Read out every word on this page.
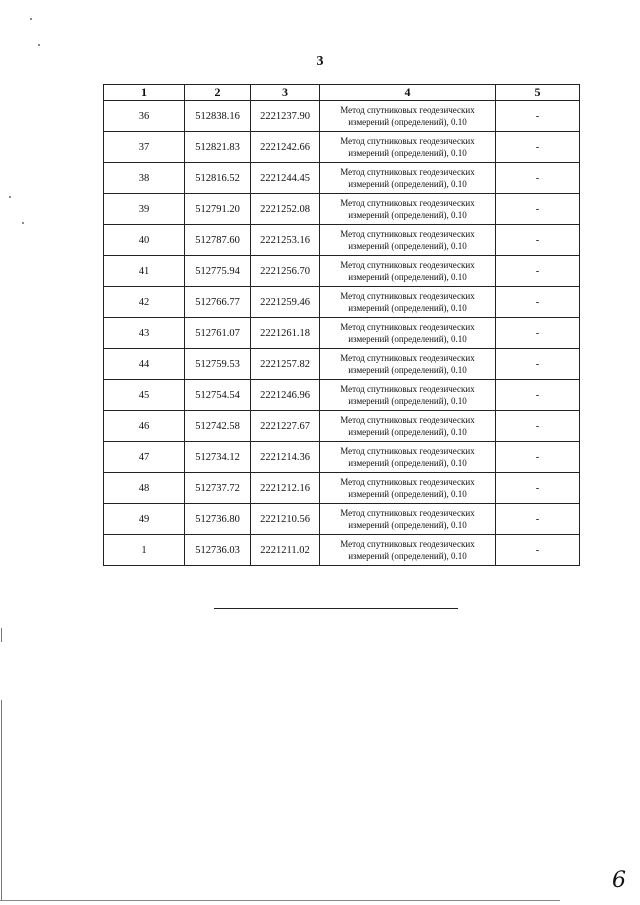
3
1	2	3	4	5
36	512838.16	2221237.90	Метод спутниковых геодезических
измерений (определений), 0.10	-
37	512821.83	2221242.66	Метод спутниковых геодезических
измерений (определений), 0.10	-
38	512816.52	2221244.45	Метод спутниковых геодезических
измерений (определений), 0.10	-
39	512791.20	2221252.08	Метод спутниковых геодезических
измерений (определений), 0.10	-
40	512787.60	2221253.16	Метод спутниковых геодезических
измерений (определений), 0.10	-
41	512775.94	2221256.70	Метод спутниковых геодезических
измерений (определений), 0.10	-
42	512766.77	2221259.46	Метод спутниковых геодезических
измерений (определений), 0.10	-
43	512761.07	2221261.18	Метод спутниковых геодезических
измерений (определений), 0.10	-
44	512759.53	2221257.82	Метод спутниковых геодезических
измерений (определений), 0.10	-
45	512754.54	2221246.96	Метод спутниковых геодезических
измерений (определений), 0.10	-
46	512742.58	2221227.67	Метод спутниковых геодезических
измерений (определений), 0.10	-
47	512734.12	2221214.36	Метод спутниковых геодезических
измерений (определений), 0.10	-
48	512737.72	2221212.16	Метод спутниковых геодезических
измерений (определений), 0.10	-
49	512736.80	2221210.56	Метод спутниковых геодезических
измерений (определений), 0.10	-
1	512736.03	2221211.02	Метод спутниковых геодезических
измерений (определений), 0.10	-
6
